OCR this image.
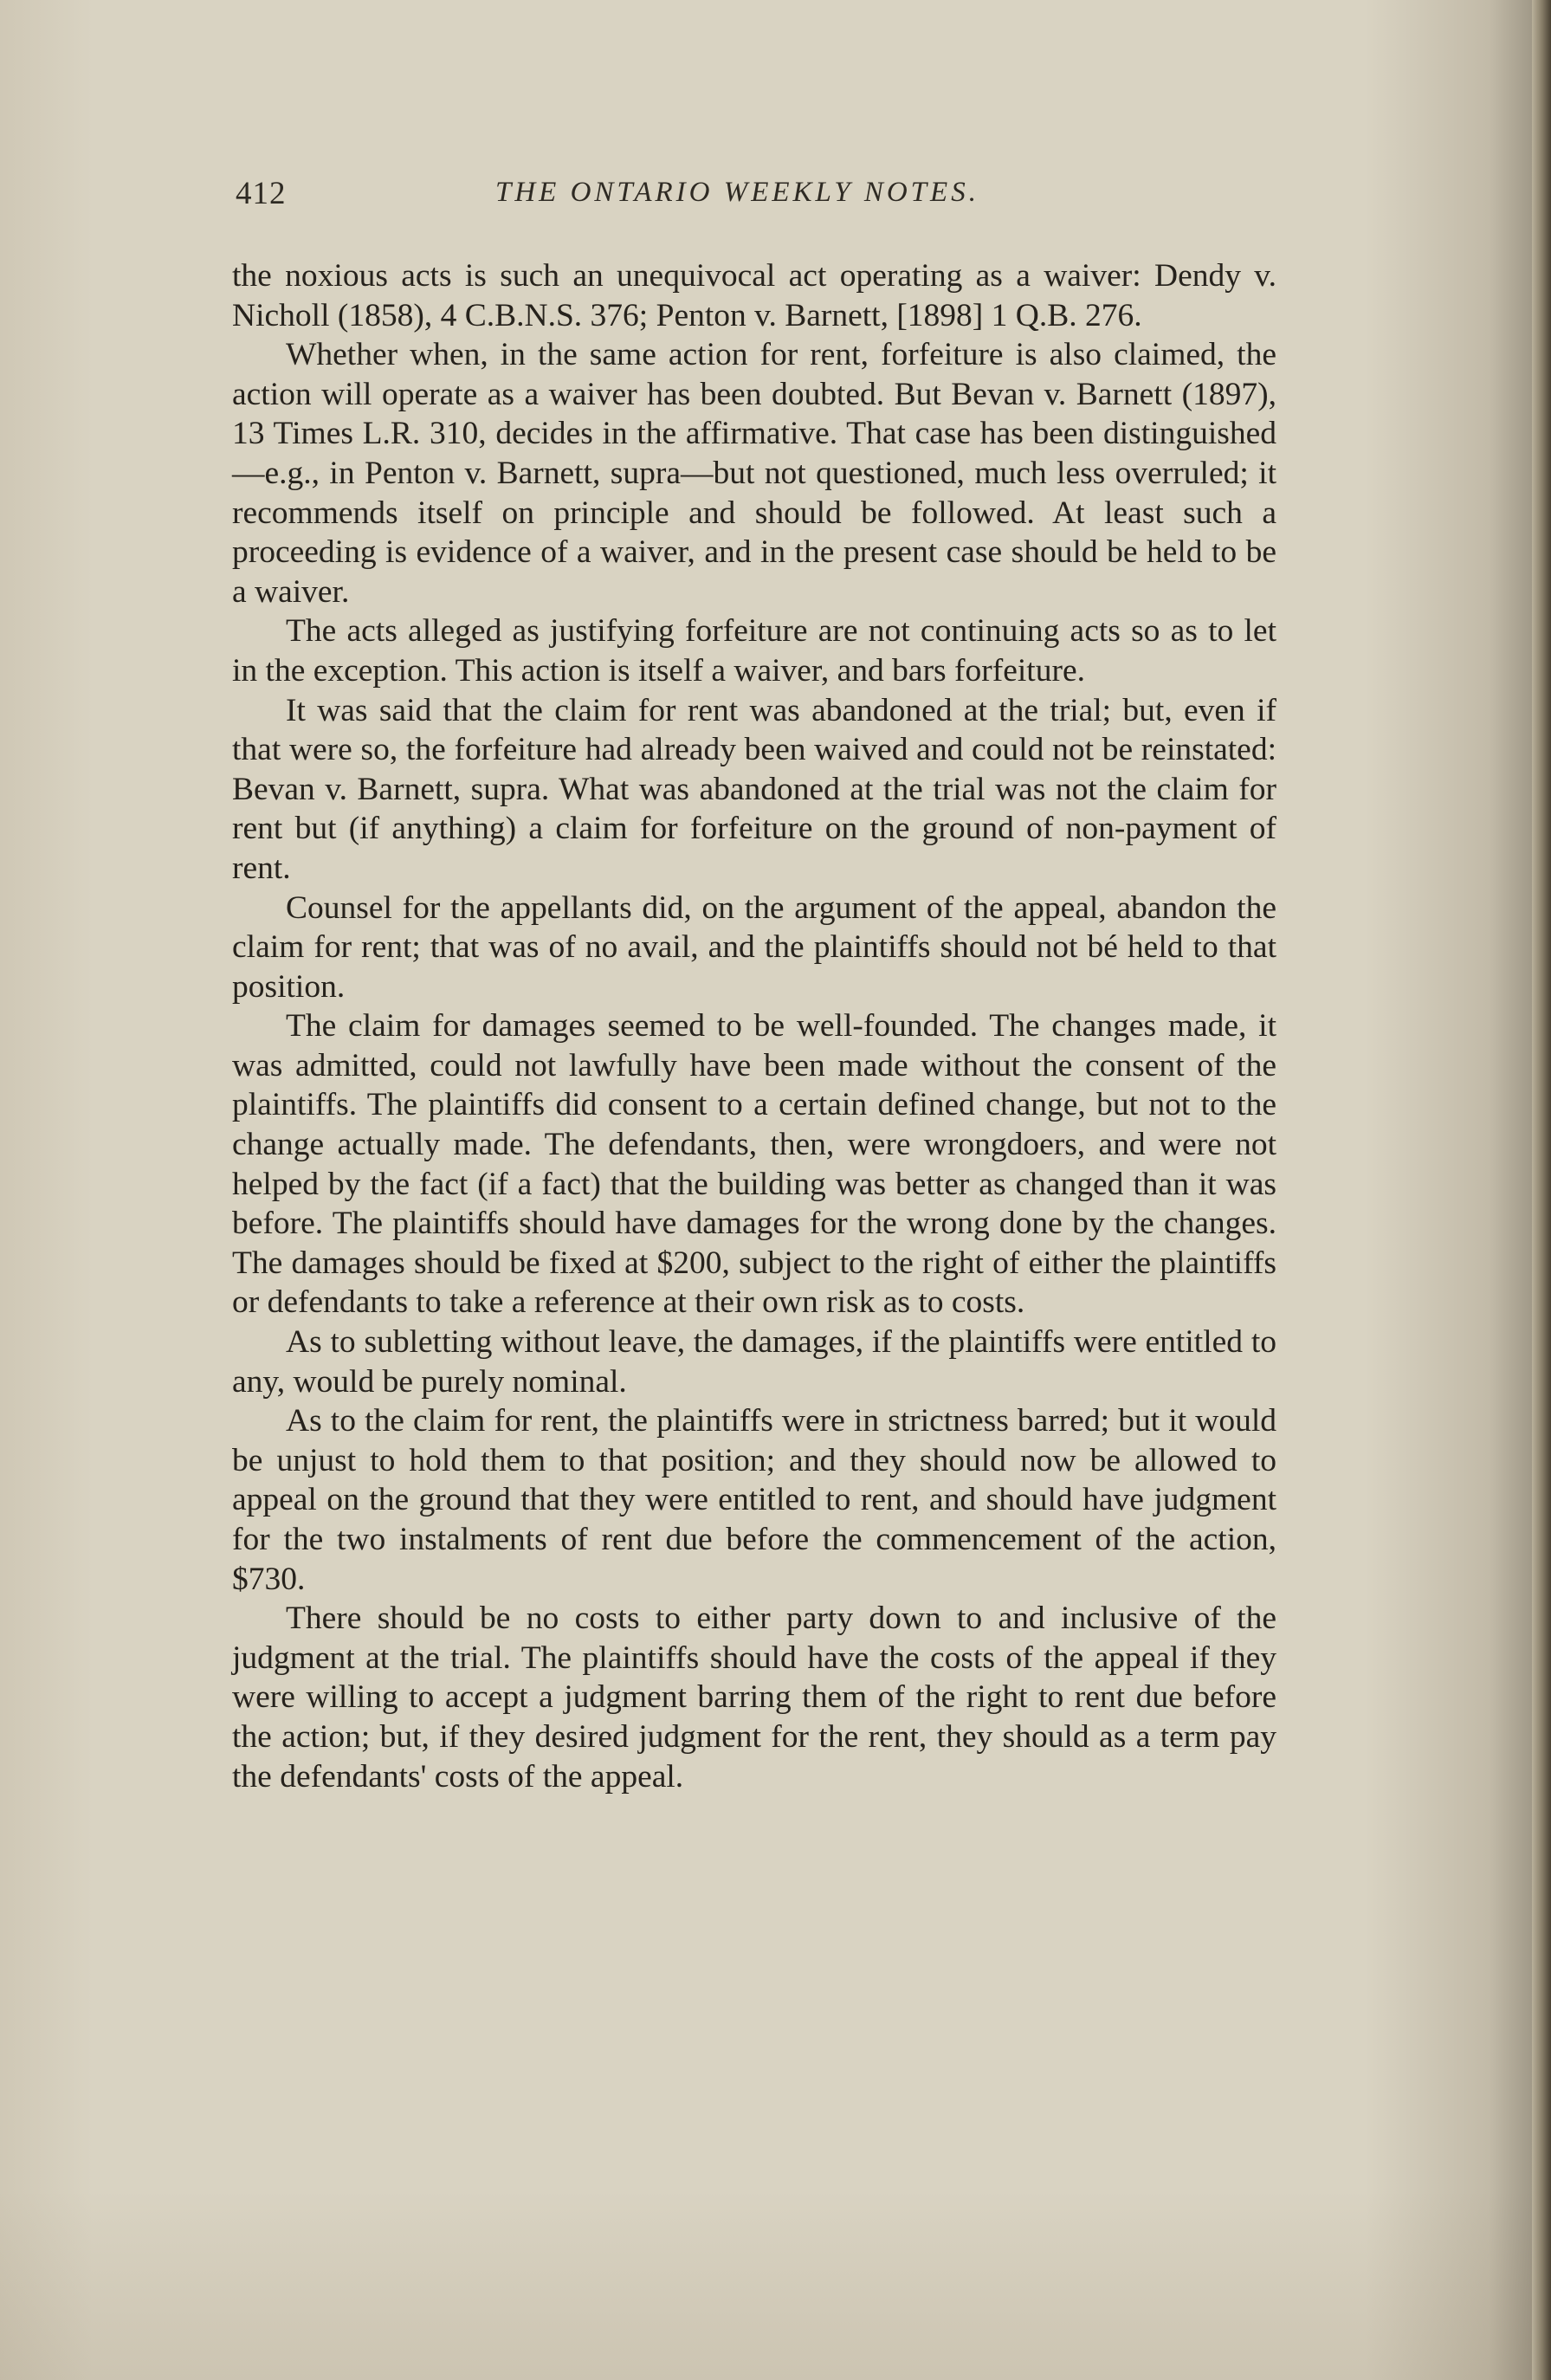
412	THE ONTARIO WEEKLY NOTES.

the noxious acts is such an unequivocal act operating as a waiver: Dendy v. Nicholl (1858), 4 C.B.N.S. 376; Penton v. Barnett, [1898] 1 Q.B. 276.

Whether when, in the same action for rent, forfeiture is also claimed, the action will operate as a waiver has been doubted. But Bevan v. Barnett (1897), 13 Times L.R. 310, decides in the affirmative. That case has been distinguished—e.g., in Penton v. Barnett, supra—but not questioned, much less overruled; it recommends itself on principle and should be followed. At least such a proceeding is evidence of a waiver, and in the present case should be held to be a waiver.

The acts alleged as justifying forfeiture are not continuing acts so as to let in the exception. This action is itself a waiver, and bars forfeiture.

It was said that the claim for rent was abandoned at the trial; but, even if that were so, the forfeiture had already been waived and could not be reinstated: Bevan v. Barnett, supra. What was abandoned at the trial was not the claim for rent but (if anything) a claim for forfeiture on the ground of non-payment of rent.

Counsel for the appellants did, on the argument of the appeal, abandon the claim for rent; that was of no avail, and the plaintiffs should not bé held to that position.

The claim for damages seemed to be well-founded. The changes made, it was admitted, could not lawfully have been made without the consent of the plaintiffs. The plaintiffs did consent to a certain defined change, but not to the change actually made. The defendants, then, were wrongdoers, and were not helped by the fact (if a fact) that the building was better as changed than it was before. The plaintiffs should have damages for the wrong done by the changes. The damages should be fixed at $200, subject to the right of either the plaintiffs or defendants to take a reference at their own risk as to costs.

As to subletting without leave, the damages, if the plaintiffs were entitled to any, would be purely nominal.

As to the claim for rent, the plaintiffs were in strictness barred; but it would be unjust to hold them to that position; and they should now be allowed to appeal on the ground that they were entitled to rent, and should have judgment for the two instalments of rent due before the commencement of the action, $730.

There should be no costs to either party down to and inclusive of the judgment at the trial. The plaintiffs should have the costs of the appeal if they were willing to accept a judgment barring them of the right to rent due before the action; but, if they desired judgment for the rent, they should as a term pay the defendants' costs of the appeal.
